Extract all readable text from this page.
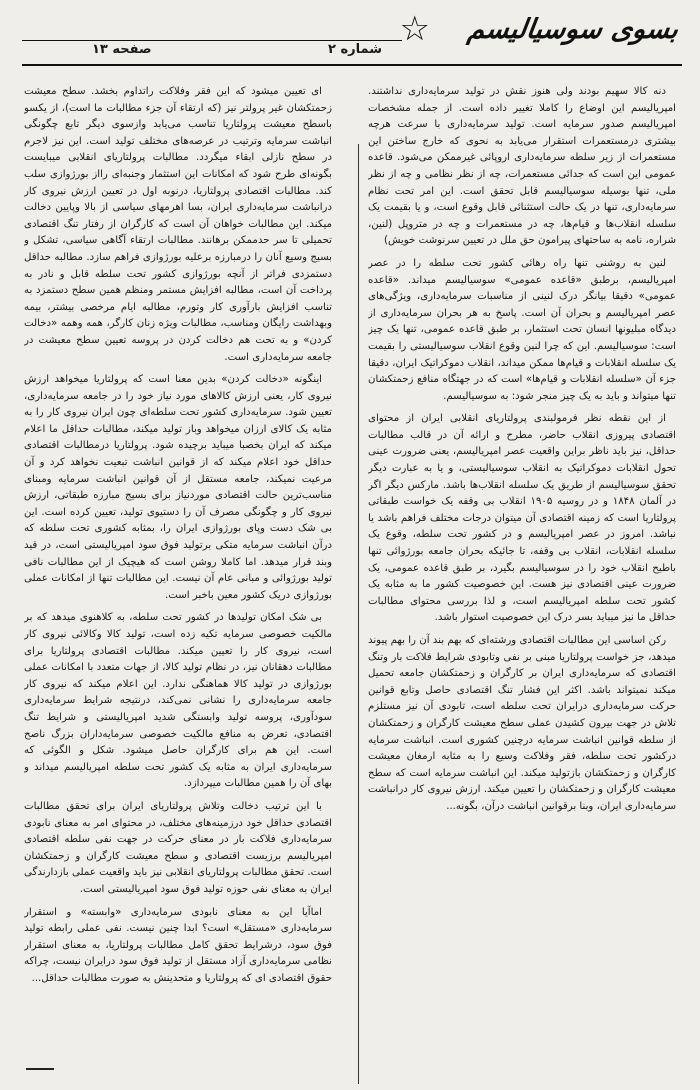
بسوی سوسیالیسم
☆
شماره ۲
صفحه ۱۳

دنه کالا سهیم بودند ولی هنوز نقش در تولید سرمایه‌داری نداشتند. امپریالیسم این اوضاع را کاملا تغییر داده است. از جمله مشخصات امپریالیسم صدور سرمایه است. تولید سرمایه‌داری با سرعت هرچه بیشتری درمستعمرات استقرار می‌یابد به نحوی که خارج ساختن این مستعمرات از زیر سلطه سرمایه‌داری اروپائی غیرممکن می‌شود. قاعده عمومی این است که جدائی مستعمرات، چه از نظر نظامی و چه از نظر ملی، تنها بوسیله سوسیالیسم قابل تحقق است. این امر تحت نظام سرمایه‌داری، تنها در یک حالت استثنائی قابل وقوع است، و یا بقیمت یک سلسله انقلاب‌ها و قیام‌ها، چه در مستعمرات و چه در متروپل (لنین، شراره، نامه به ساحتهای پیرامون حق ملل در تعیین سرنوشت خویش)

لنین به روشنی تنها راه رهائی کشور تحت سلطه را در عصر امپریالیسم، برطبق «قاعده عمومی» سوسیالیسم میداند. «قاعده عمومی» دقیقا بیانگر درک لنینی از مناسبات سرمایه‌داری، ویژگی‌های عصر امپریالیسم و بحران آن است. پاسخ به هر بحران سرمایه‌داری از دیدگاه مبلیونها انسان تحت استثمار، بر طبق قاعده عمومی، تنها یک چیز است: سوسیالیسم. این که چرا لنین وقوع انقلاب سوسیالیستی را بقیمت یک سلسله انقلابات و قیام‌ها ممکن میداند، انقلاب دموکراتیک ایران، دقیقا جزء آن «سلسله انقلابات و قیام‌ها» است که در جهتگاه منافع زحمتکشان تنها میتواند و باید به یک چیز منجر شود: به سوسیالیسم.

از این نقطه نظر فرمولبندی پرولتاریای انقلابی ایران از محتوای اقتصادی پیروزی انقلاب حاضر، مطرح و ارائه آن در قالب مطالبات حداقل، نیز باید ناظر براین واقعیت عصر امپریالیسم، یعنی ضرورت عینی تحول انقلابات دموکراتیک به انقلاب سوسیالیستی، و یا به عبارت دیگر تحقق سوسیالیسم از طریق یک سلسله انقلاب‌ها باشد. مارکس دیگر اگر در آلمان ۱۸۴۸ و در روسیه ۱۹۰۵ انقلاب بی وقفه یک خواست طبقاتی پرولتاریا است که زمینه اقتصادی آن میتوان درجات مختلف فراهم باشد یا نباشد. امروز در عصر امپریالیسم و در کشور تحت سلطه، وقوع یک سلسله انقلابات، انقلاب بی وقفه، تا جائیکه بحران جامعه بورژوائی تنها باطیح انقلاب خود را در سوسیالیسم بگیرد، بر طبق قاعده عمومی، یک ضرورت عینی اقتصادی نیز هست. این خصوصیت کشور ما به مثابه یک کشور تحت سلطه امپریالیسم است، و لذا بررسی محتوای مطالبات حداقل ما نیز میباید بسر درک این خصوصیت استوار باشد.

رکن اساسی این مطالبات اقتصادی ورشته‌ای که بهم بند آن را بهم پیوند میدهد، جز خواست پرولتاریا مبنی بر نفی وتابودی شرایط فلاکت بار وتنگ اقتصادی که سرمایه‌داری ایران بر کارگران و زحمتکشان جامعه تحمیل میکند نمیتواند باشد. اکثر این فشار تنگ اقتصادی حاصل وتابع قوانین حرکت سرمایه‌داری درایران تحت سلطه است، تابودی آن نیز مستلزم تلاش در جهت بیرون کشیدن عملی سطح معیشت کارگران و زحمتکشان از سلطه قوانین انباشت سرمایه درچنین کشوری است. انباشت سرمایه درکشور تحت سلطه، فقر وفلاکت وسیع را به مثابه ارمغان معیشت کارگران و زحمتکشان بازتولید میکند. این انباشت سرمایه است که سطح معیشت کارگران و زحمتکشان را تعیین میکند. ارزش نیروی کار درانباشت سرمایه‌داری ایران، وبنا برقوانین انباشت درآن، بگونه...

ای تعیین میشود که این فقر وفلاکت راتداوم بخشد. سطح معیشت زحمتکشان غیر پرولتر نیز (که ارتقاء آن جزء مطالبات ما است)، از یکسو باسطح معیشت پرولتاریا تناسب می‌یابد وازسوی دیگر تابع چگونگی انباشت سرمایه وترتیب در عرصه‌های مختلف تولید است. این نیز لاجرم در سطح نازلی ابقاء میگردد. مطالبات پرولتاریای انقلابی میبایست بگونه‌ای طرح شود که امکانات این استثمار وجنبه‌ای رااز بورژوازی سلب کند. مطالبات اقتصادی پرولتاریا، درنوبه اول در تعیین ارزش نیروی کار درانباشت سرمایه‌داری ایران، بسا اهرمهای سیاسی از بالا وپایین دخالت میکند. این مطالبات خواهان آن است که کارگران از رفتار تنگ اقتصادی تحمیلی تا سر حدممکن برهانند. مطالبات ارتقاء آگاهی سیاسی، تشکل و بسیج وسیع آنان را درمبارزه برعلیه بورژوازی فراهم سازد. مطالبه حداقل دستمزدی فراتر از آنچه بورژوازی کشور تحت سلطه قابل و نادر به پرداخت آن است، مطالبه افزایش مستمر ومنظم همین سطح دستمزد به تناسب افزایش بارآوری کار وتورم، مطالبه ایام مرخصی بیشتر، بیمه وبهداشت رایگان ومناسب، مطالبات ویژه زنان کارگر، همه وهمه «دخالت کردن» و به تحت هم دخالت کردن در پروسه تعیین سطح معیشت در جامعه سرمایه‌داری است.

اینگونه «دخالت کردن» بدین معنا است که پرولتاریا میخواهد ارزش نیروی کار، یعنی ارزش کالاهای مورد نیاز خود را در جامعه سرمایه‌داری، تعیین شود. سرمایه‌داری کشور تحت سلطه‌ای چون ایران نیروی کار را به مثابه یک کالای ارزان میخواهد وباز تولید میکند، مطالبات حداقل ما اعلام میکند که ایران بخصبا میباید برچیده شود. پرولتاریا درمطالبات اقتصادی حداقل خود اعلام میکند که از قوانین انباشت تبعیت نخواهد کرد و آن مرعیت نمیکند، جامعه مستقل از آن قوانین انباشت سرمایه ومبنای مناسب‌ترین حالت اقتصادی موردنیاز برای بسیج مبارزه طبقاتی، ارزش نیروی کار و چگونگی مصرف آن را دستیوی تولید، تعیین کرده است. این بی شک دست وپای بورژوازی ایران را، بمثابه کشوری تحت سلطه که درآن انباشت سرمایه متکی برتولید فوق سود امپریالیستی است، در قید وبند قرار میدهد. اما کاملا روشن است که هیچیک از این مطالبات نافی تولید بورژوائی و مبانی عام آن نیست. این مطالبات تنها از امکانات عملی بورژوازی دریک کشور معین باخبر است.

بی شک امکان تولیدها در کشور تحت سلطه، به کلاهنوی میدهد که بر مالکیت خصوصی سرمایه تکیه زده است، تولید کالا وکالائی نیروی کار است، نیروی کار را تعیین میکند. مطالبات اقتصادی پرولتاریا برای مطالبات دهقانان نیز، در نظام تولید کالا، از جهات متعدد با امکانات عملی بورژوازی در تولید کالا هماهنگی ندارد. این اعلام میکند که نیروی کار جامعه سرمایه‌داری را نشانی نمی‌کند، درنتیجه شرایط سرمایه‌داری سودآوری، پروسه تولید وابستگی شدید امپریالیستی و شرایط تنگ اقتصادی، تعرض به منافع مالکیت خصوصی سرمایه‌داران بزرگ ناصح است. این هم برای کارگران حاصل میشود. شکل و الگوئی که سرمایه‌داری ایران به مثابه یک کشور تحت سلطه امپریالیسم میداند و بهای آن را همین مطالبات میپردازد.

با این ترتیب دخالت وتلاش پرولتاریای ایران برای تحقق مطالبات اقتصادی حداقل خود درزمینه‌های مختلف، در محتوای امر به معنای نابودی سرمایه‌داری فلاکت بار در معنای حرکت در جهت نفی سلطه اقتصادی امپریالیسم برزیست اقتصادی و سطح معیشت کارگران و زحمتکشان است. تحقق مطالبات پرولتاریای انقلابی نیز باید واقعیت عملی بازدارندگی ایران به معنای نفی حوزه تولید فوق سود امپریالیستی است.

اماآیا این به معنای نابودی سرمایه‌داری «وابسته» و استقرار سرمایه‌داری «مستقل» است؟ ابدا چنین نیست. نفی عملی رابطه تولید فوق سود، درشرایط تحقق کامل مطالبات پرولتاریا، به معنای استقرار نظامی سرمایه‌داری آزاد مستقل از تولید فوق سود درایران نیست، چراکه حقوق اقتصادی ای که پرولتاریا و متحدینش به صورت مطالبات حداقل...
